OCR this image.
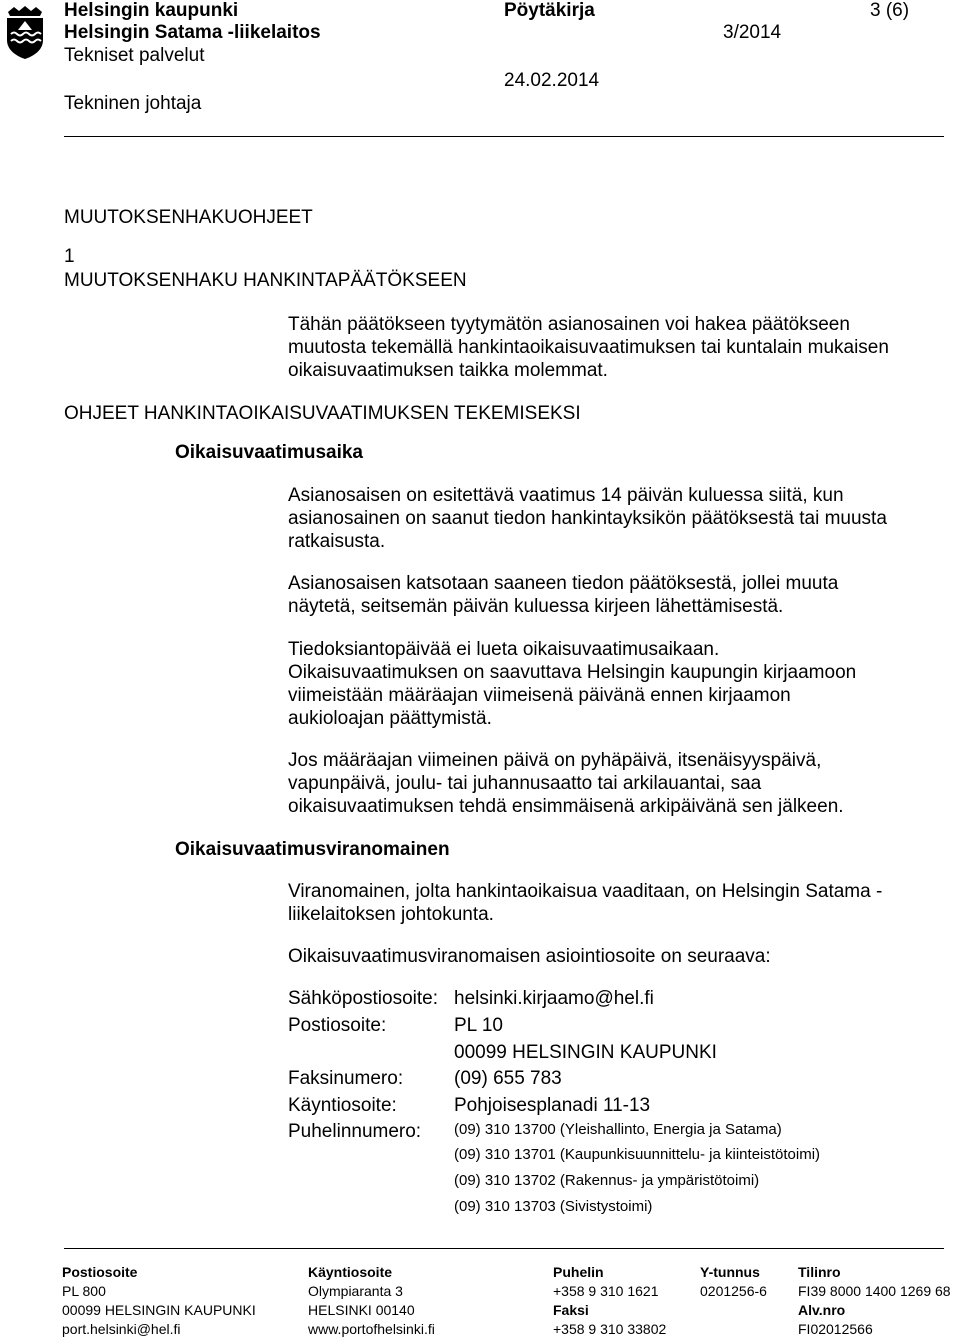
Helsingin kaupunki
Helsingin Satama -liikelaitos
Tekniset palvelut
Tekninen johtaja
Pöytäkirja
3/2014
24.02.2014
3 (6)
MUUTOKSENHAKUOHJEET
1
MUUTOKSENHAKU HANKINTAPÄÄTÖKSEEN

Tähän päätökseen tyytymätön asianosainen voi hakea päätökseen

muutosta tekemällä hankintaoikaisuvaatimuksen tai kuntalain mukaisen

oikaisuvaatimuksen taikka molemmat.

OHJEET HANKINTAOIKAISUVAATIMUKSEN TEKEMISEKSI
Oikaisuvaatimusaika

Asianosaisen on esitettävä vaatimus 14 päivän kuluessa siitä, kun

asianosainen on saanut tiedon hankintayksikön päätöksestä tai muusta

ratkaisusta.

Asianosaisen katsotaan saaneen tiedon päätöksestä, jollei muuta

näytetä, seitsemän päivän kuluessa kirjeen lähettämisestä.

Tiedoksiantopäivää ei lueta oikaisuvaatimusaikaan.

Oikaisuvaatimuksen on saavuttava Helsingin kaupungin kirjaamoon

viimeistään määräajan viimeisenä päivänä ennen kirjaamon

aukioloajan päättymistä.

Jos määräajan viimeinen päivä on pyhäpäivä, itsenäisyyspäivä,

vapunpäivä, joulu- tai juhannusaatto tai arkilauantai, saa

oikaisuvaatimuksen tehdä ensimmäisenä arkipäivänä sen jälkeen.

Oikaisuvaatimusviranomainen

Viranomainen, jolta hankintaoikaisua vaaditaan, on Helsingin Satama -

liikelaitoksen johtokunta.

Oikaisuvaatimusviranomaisen asiointiosoite on seuraava:

Sähköpostiosoite: helsinki.kirjaamo@hel.fi
Postiosoite:	PL 10
00099 HELSINGIN KAUPUNKI
Faksinumero:	(09) 655 783
Käyntiosoite:	Pohjoisesplanadi 11-13
Puhelinnumero: (09) 310 13700 (Yleishallinto, Energia ja Satama)
(09) 310 13701 (Kaupunkisuunnittelu- ja kiinteistötoimi)
(09) 310 13702 (Rakennus- ja ympäristötoimi)
(09) 310 13703 (Sivistystoimi)
Postiosoite
PL 800
00099 HELSINGIN KAUPUNKI
port.helsinki@hel.fi
Käyntiosoite
Olympiaranta 3
HELSINKI 00140
www.portofhelsinki.fi
Puhelin
+358 9 310 1621
Faksi
+358 9 310 33802
Y-tunnus
0201256-6
Tilinro
FI39 8000 1400 1269 68
Alv.nro
FI02012566
